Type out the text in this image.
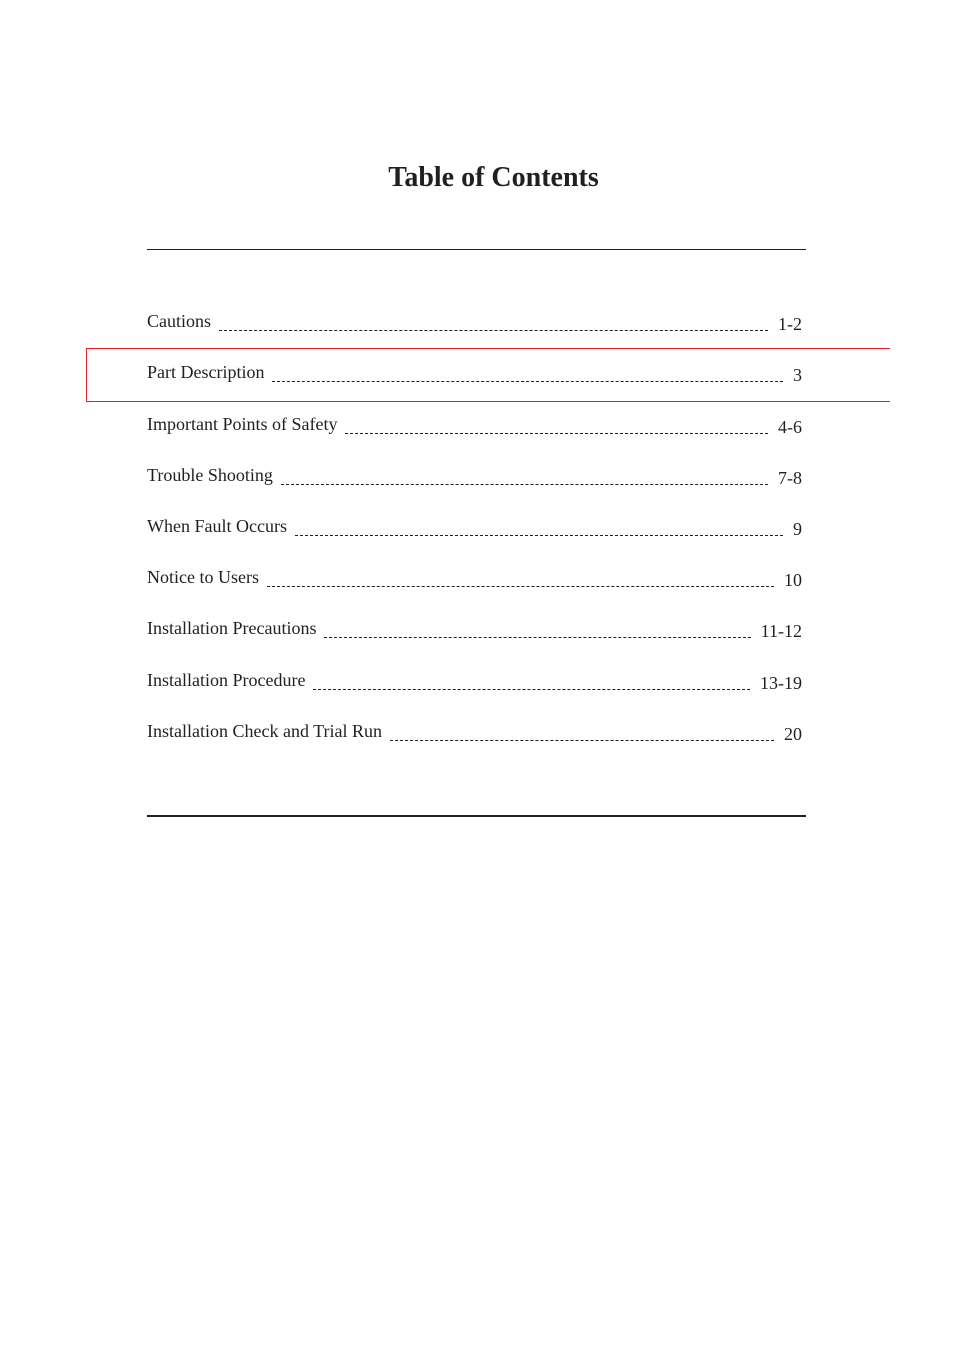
Table of Contents
Cautions	1-2
Part Description	3
Important Points of Safety	4-6
Trouble Shooting	7-8
When Fault Occurs	9
Notice to Users	10
Installation Precautions	11-12
Installation Procedure	13-19
Installation Check and Trial Run	20
